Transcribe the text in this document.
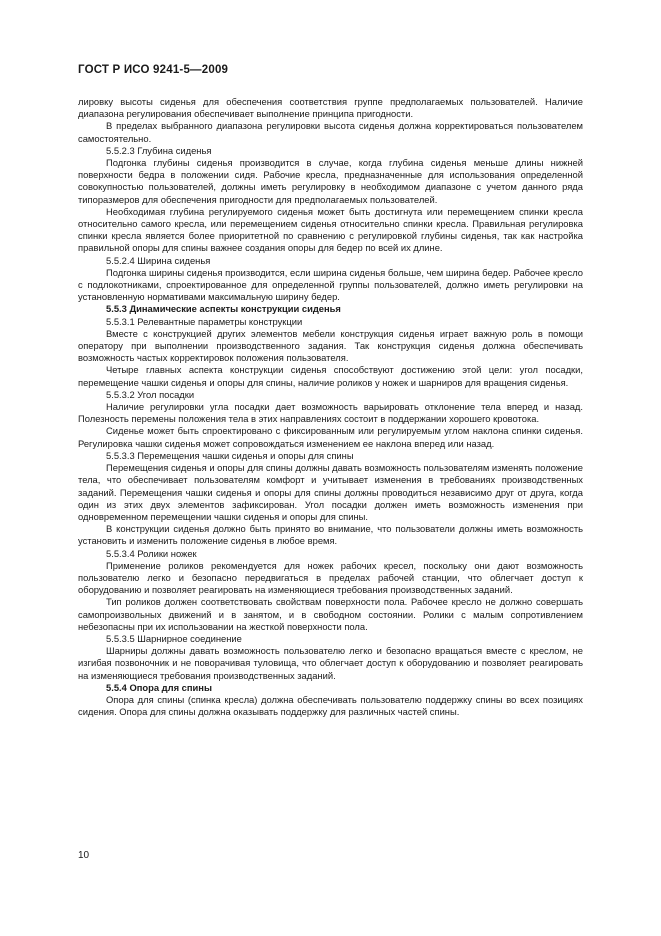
ГОСТ Р ИСО 9241-5—2009

лировку высоты сиденья для обеспечения соответствия группе предполагаемых пользователей. Наличие диапазона регулирования обеспечивает выполнение принципа пригодности.

В пределах выбранного диапазона регулировки высота сиденья должна корректироваться пользователем самостоятельно.

5.5.2.3 Глубина сиденья

Подгонка глубины сиденья производится в случае, когда глубина сиденья меньше длины нижней поверхности бедра в положении сидя. Рабочие кресла, предназначенные для использования определенной совокупностью пользователей, должны иметь регулировку в необходимом диапазоне с учетом данного ряда типоразмеров для обеспечения пригодности для предполагаемых пользователей.

Необходимая глубина регулируемого сиденья может быть достигнута или перемещением спинки кресла относительно самого кресла, или перемещением сиденья относительно спинки кресла. Правильная регулировка спинки кресла является более приоритетной по сравнению с регулировкой глубины сиденья, так как настройка правильной опоры для спины важнее создания опоры для бедер по всей их длине.

5.5.2.4 Ширина сиденья

Подгонка ширины сиденья производится, если ширина сиденья больше, чем ширина бедер. Рабочее кресло с подлокотниками, спроектированное для определенной группы пользователей, должно иметь регулировки на установленную нормативами максимальную ширину бедер.

5.5.3 Динамические аспекты конструкции сиденья

5.5.3.1 Релевантные параметры конструкции

Вместе с конструкцией других элементов мебели конструкция сиденья играет важную роль в помощи оператору при выполнении производственного задания. Так конструкция сиденья должна обеспечивать возможность частых корректировок положения пользователя.

Четыре главных аспекта конструкции сиденья способствуют достижению этой цели: угол посадки, перемещение чашки сиденья и опоры для спины, наличие роликов у ножек и шарниров для вращения сиденья.

5.5.3.2 Угол посадки

Наличие регулировки угла посадки дает возможность варьировать отклонение тела вперед и назад. Полезность перемены положения тела в этих направлениях состоит в поддержании хорошего кровотока.

Сиденье может быть спроектировано с фиксированным или регулируемым углом наклона спинки сиденья. Регулировка чашки сиденья может сопровождаться изменением ее наклона вперед или назад.

5.5.3.3 Перемещения чашки сиденья и опоры для спины

Перемещения сиденья и опоры для спины должны давать возможность пользователям изменять положение тела, что обеспечивает пользователям комфорт и учитывает изменения в требованиях производственных заданий. Перемещения чашки сиденья и опоры для спины должны проводиться независимо друг от друга, когда один из этих двух элементов зафиксирован. Угол посадки должен иметь возможность изменения при одновременном перемещении чашки сиденья и опоры для спины.

В конструкции сиденья должно быть принято во внимание, что пользователи должны иметь возможность установить и изменить положение сиденья в любое время.

5.5.3.4 Ролики ножек

Применение роликов рекомендуется для ножек рабочих кресел, поскольку они дают возможность пользователю легко и безопасно передвигаться в пределах рабочей станции, что облегчает доступ к оборудованию и позволяет реагировать на изменяющиеся требования производственных заданий.

Тип роликов должен соответствовать свойствам поверхности пола. Рабочее кресло не должно совершать самопроизвольных движений и в занятом, и в свободном состоянии. Ролики с малым сопротивлением небезопасны при их использовании на жесткой поверхности пола.

5.5.3.5 Шарнирное соединение

Шарниры должны давать возможность пользователю легко и безопасно вращаться вместе с креслом, не изгибая позвоночник и не поворачивая туловища, что облегчает доступ к оборудованию и позволяет реагировать на изменяющиеся требования производственных заданий.

5.5.4 Опора для спины

Опора для спины (спинка кресла) должна обеспечивать пользователю поддержку спины во всех позициях сидения. Опора для спины должна оказывать поддержку для различных частей спины.

10
